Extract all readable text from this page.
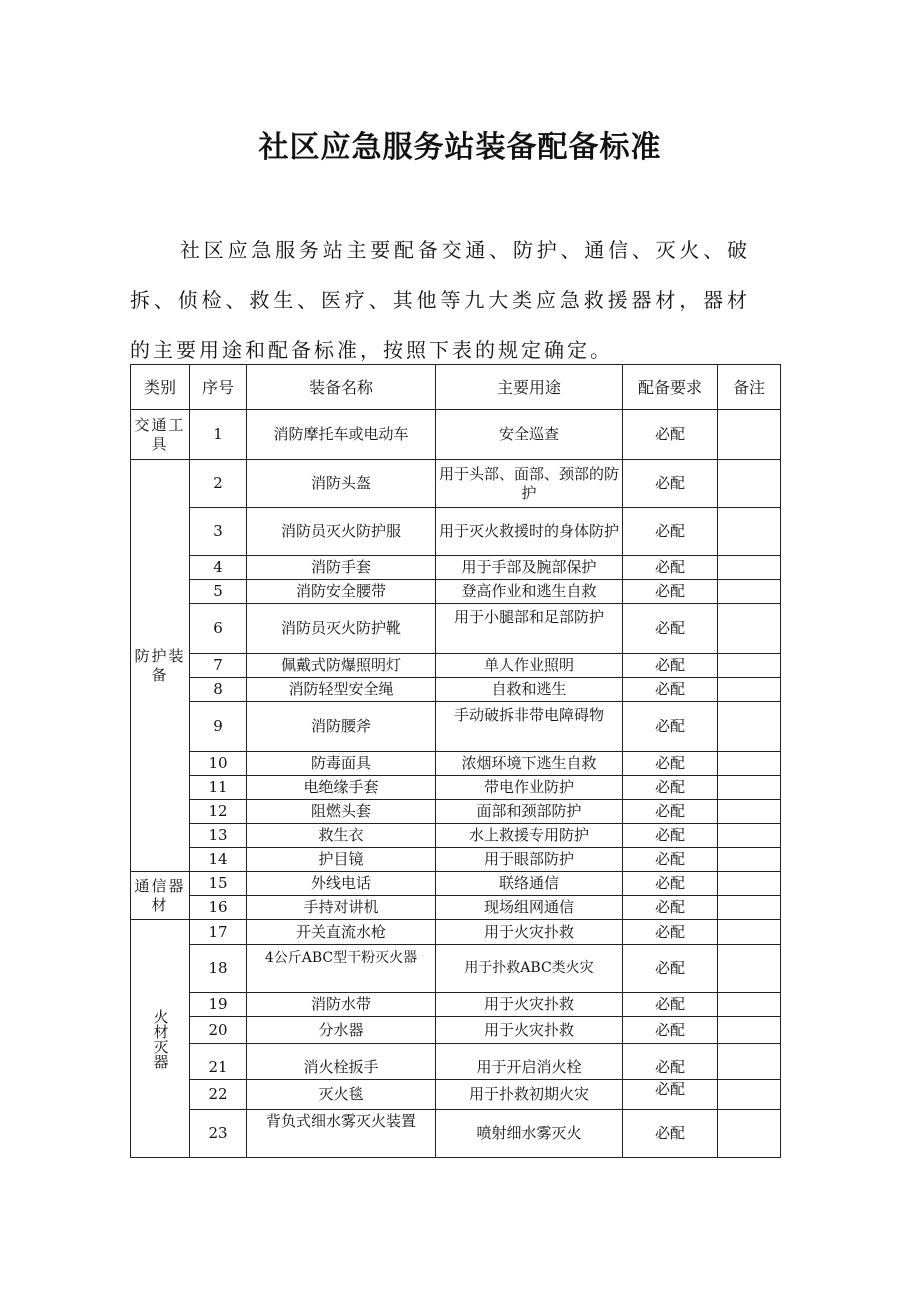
社区应急服务站装备配备标准

社区应急服务站主要配备交通、防护、通信、灭火、破拆、侦检、救生、医疗、其他等九大类应急救援器材，器材的主要用途和配备标准，按照下表的规定确定。

类别	序号	装备名称	主要用途	配备要求	备注
交通工具	1	消防摩托车或电动车	安全巡查	必配	
防护装备	2	消防头盔	用于头部、面部、颈部的防护	必配	
	3	消防员灭火防护服	用于灭火救援时的身体防护	必配	
	4	消防手套	用于手部及腕部保护	必配	
	5	消防安全腰带	登高作业和逃生自救	必配	
	6	消防员灭火防护靴	用于小腿部和足部防护	必配	
	7	佩戴式防爆照明灯	单人作业照明	必配	
	8	消防轻型安全绳	自救和逃生	必配	
	9	消防腰斧	手动破拆非带电障碍物	必配	
	10	防毒面具	浓烟环境下逃生自救	必配	
	11	电绝缘手套	带电作业防护	必配	
	12	阻燃头套	面部和颈部防护	必配	
	13	救生衣	水上救援专用防护	必配	
	14	护目镜	用于眼部防护	必配	
通信器材	15	外线电话	联络通信	必配	
	16	手持对讲机	现场组网通信	必配	
火材灭器	17	开关直流水枪	用于火灾扑救	必配	
	18	4公斤ABC型干粉灭火器	用于扑救ABC类火灾	必配	
	19	消防水带	用于火灾扑救	必配	
	20	分水器	用于火灾扑救	必配	
	21	消火栓扳手	用于开启消火栓	必配	
	22	灭火毯	用于扑救初期火灾	必配	
	23	背负式细水雾灭火装置	喷射细水雾灭火	必配	
